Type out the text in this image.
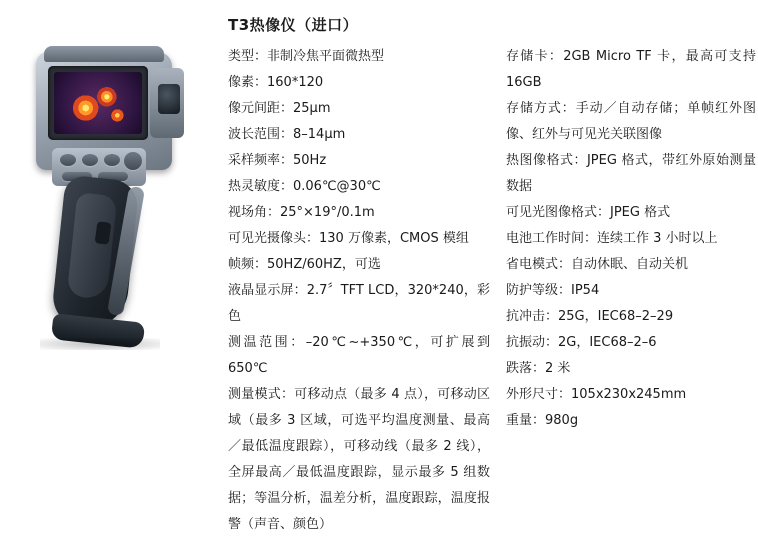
T3热像仪（进口）
类型：非制冷焦平面微热型
像素：160*120
像元间距：25μm
波长范围：8–14μm
采样频率：50Hz
热灵敏度：0.06℃@30℃
视场角：25°×19°/0.1m
可见光摄像头：130 万像素，CMOS 模组
帧频：50HZ/60HZ，可选
液晶显示屏：2.7〞TFT LCD，320*240，彩色
测温范围：–20℃~+350℃，可扩展到 650℃
测量模式：可移动点（最多 4 点），可移动区域（最多 3 区域，可选平均温度测量、最高／最低温度跟踪），可移动线（最多 2 线），全屏最高／最低温度跟踪，显示最多 5 组数据；等温分析，温差分析，温度跟踪，温度报警（声音、颜色）
存储卡：2GB Micro TF 卡，最高可支持 16GB
存储方式：手动／自动存储；单帧红外图像、红外与可见光关联图像
热图像格式：JPEG 格式，带红外原始测量数据
可见光图像格式：JPEG 格式
电池工作时间：连续工作 3 小时以上
省电模式：自动休眠、自动关机
防护等级：IP54
抗冲击：25G，IEC68–2–29
抗振动：2G，IEC68–2–6
跌落：2 米
外形尺寸：105x230x245mm
重量：980g
